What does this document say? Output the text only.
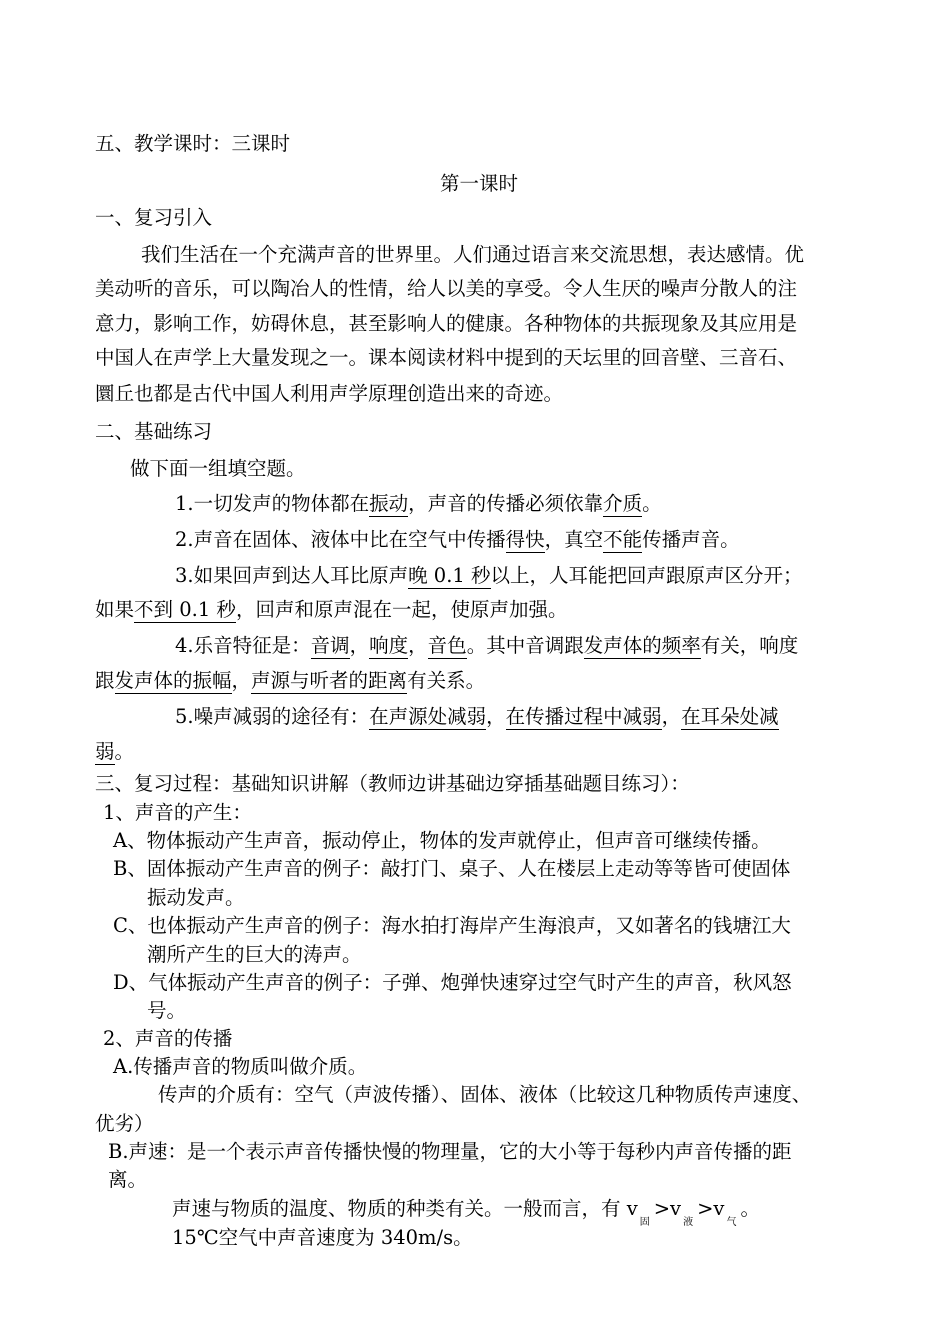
五、教学课时：三课时
第一课时
一、复习引入
我们生活在一个充满声音的世界里。人们通过语言来交流思想，表达感情。优
美动听的音乐，可以陶冶人的性情，给人以美的享受。令人生厌的噪声分散人的注
意力，影响工作，妨碍休息，甚至影响人的健康。各种物体的共振现象及其应用是
中国人在声学上大量发现之一。课本阅读材料中提到的天坛里的回音壁、三音石、
圜丘也都是古代中国人利用声学原理创造出来的奇迹。
二、基础练习
做下面一组填空题。
1.一切发声的物体都在振动，声音的传播必须依靠介质。
2.声音在固体、液体中比在空气中传播得快，真空不能传播声音。
3.如果回声到达人耳比原声晚 0.1 秒以上，人耳能把回声跟原声区分开；
如果不到 0.1 秒，回声和原声混在一起，使原声加强。
4.乐音特征是：音调，响度，音色。其中音调跟发声体的频率有关，响度
跟发声体的振幅，声源与听者的距离有关系。
5.噪声减弱的途径有：在声源处减弱，在传播过程中减弱，在耳朵处减
弱。
三、复习过程：基础知识讲解（教师边讲基础边穿插基础题目练习）：
1、声音的产生：
A、物体振动产生声音，振动停止，物体的发声就停止，但声音可继续传播。
B、固体振动产生声音的例子：敲打门、桌子、人在楼层上走动等等皆可使固体
振动发声。
C、也体振动产生声音的例子：海水拍打海岸产生海浪声，又如著名的钱塘江大
潮所产生的巨大的涛声。
D、气体振动产生声音的例子：子弹、炮弹快速穿过空气时产生的声音，秋风怒
号。
2、声音的传播
A.传播声音的物质叫做介质。
传声的介质有：空气（声波传播）、固体、液体（比较这几种物质传声速度、
优劣）
B.声速：是一个表示声音传播快慢的物理量，它的大小等于每秒内声音传播的距
离。
声速与物质的温度、物质的种类有关。一般而言，有 $v_固>v_液>v_气$。
15℃空气中声音速度为 340m/s。
